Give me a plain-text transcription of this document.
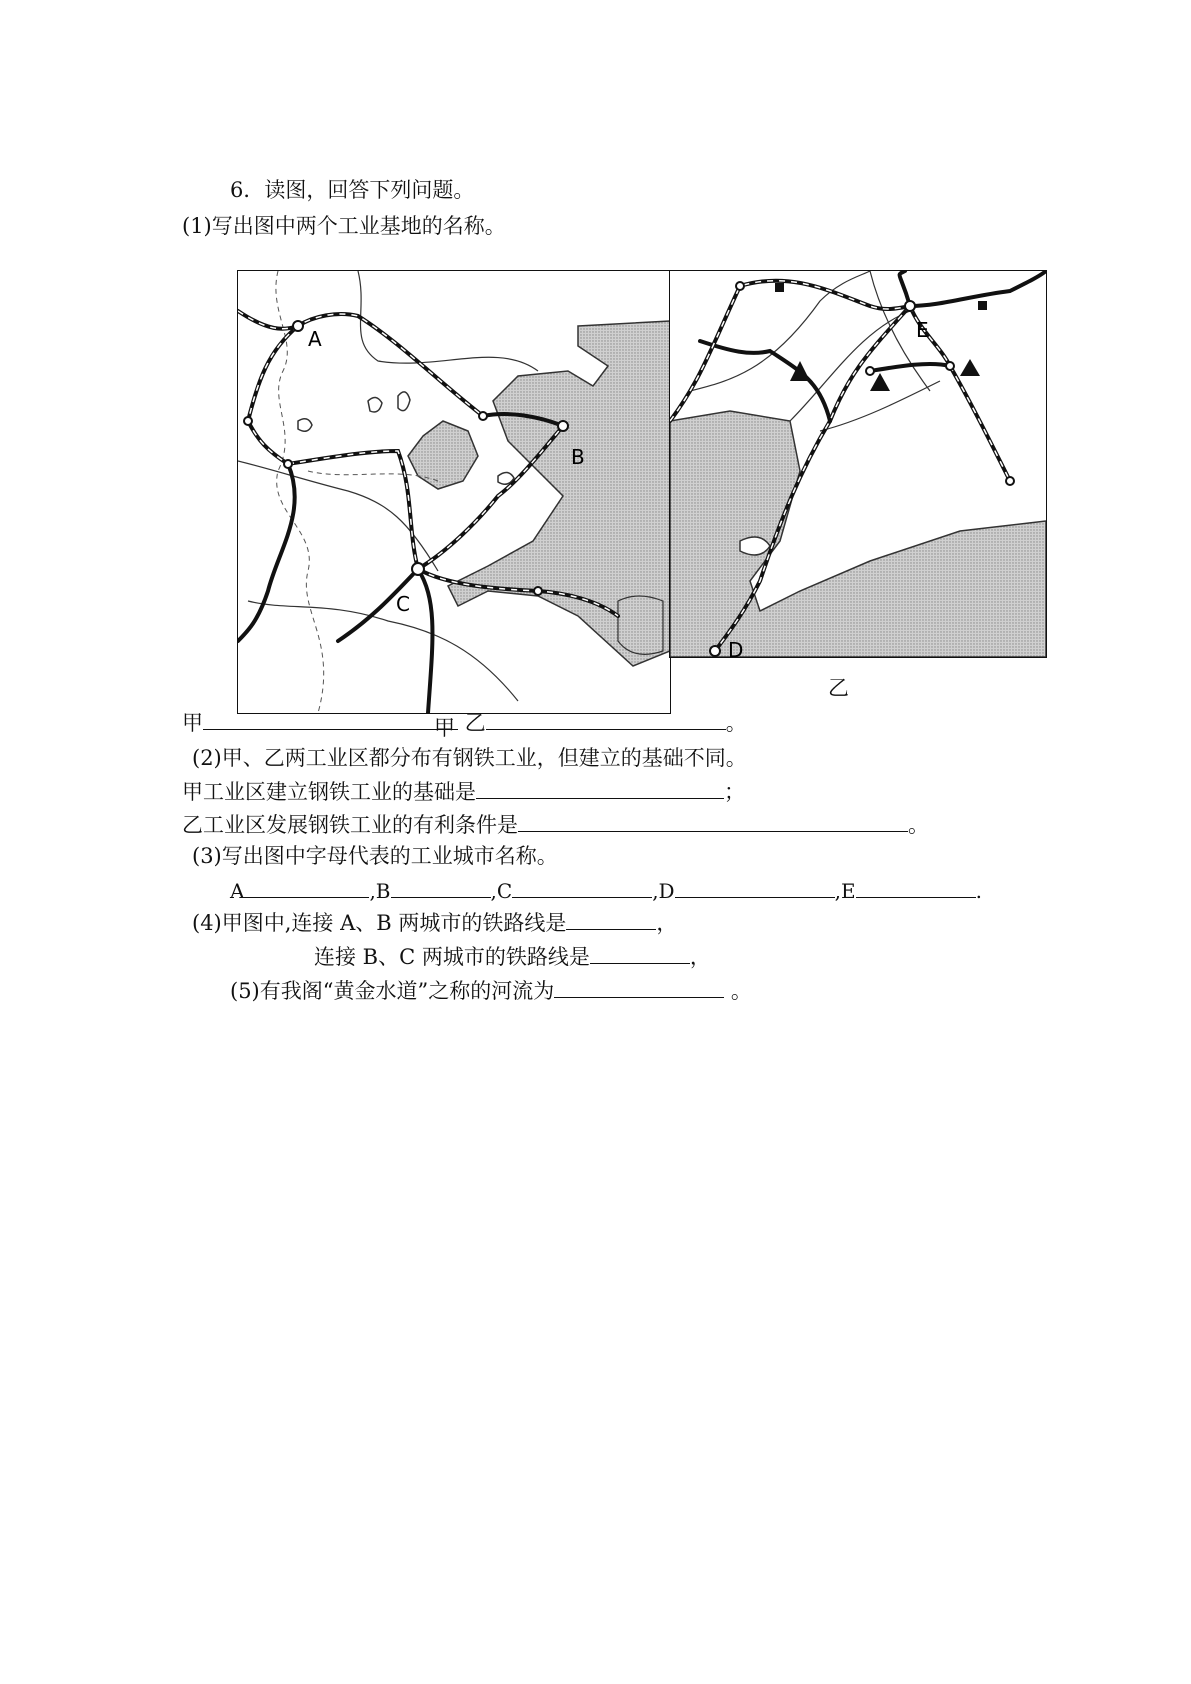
6．读图，回答下列问题。
(1)写出图中两个工业基地的名称。
A
B
C
E
D
乙
甲
甲	乙	。
(2)甲、乙两工业区都分布有钢铁工业，但建立的基础不同。
甲工业区建立钢铁工业的基础是	；
乙工业区发展钢铁工业的有利条件是	。
(3)写出图中字母代表的工业城市名称。
A	,B	,C	,D	,E	.
(4)甲图中,连接 A、B 两城市的铁路线是	，
连接 B、C 两城市的铁路线是	，
(5)有我阁“黄金水道”之称的河流为	。
